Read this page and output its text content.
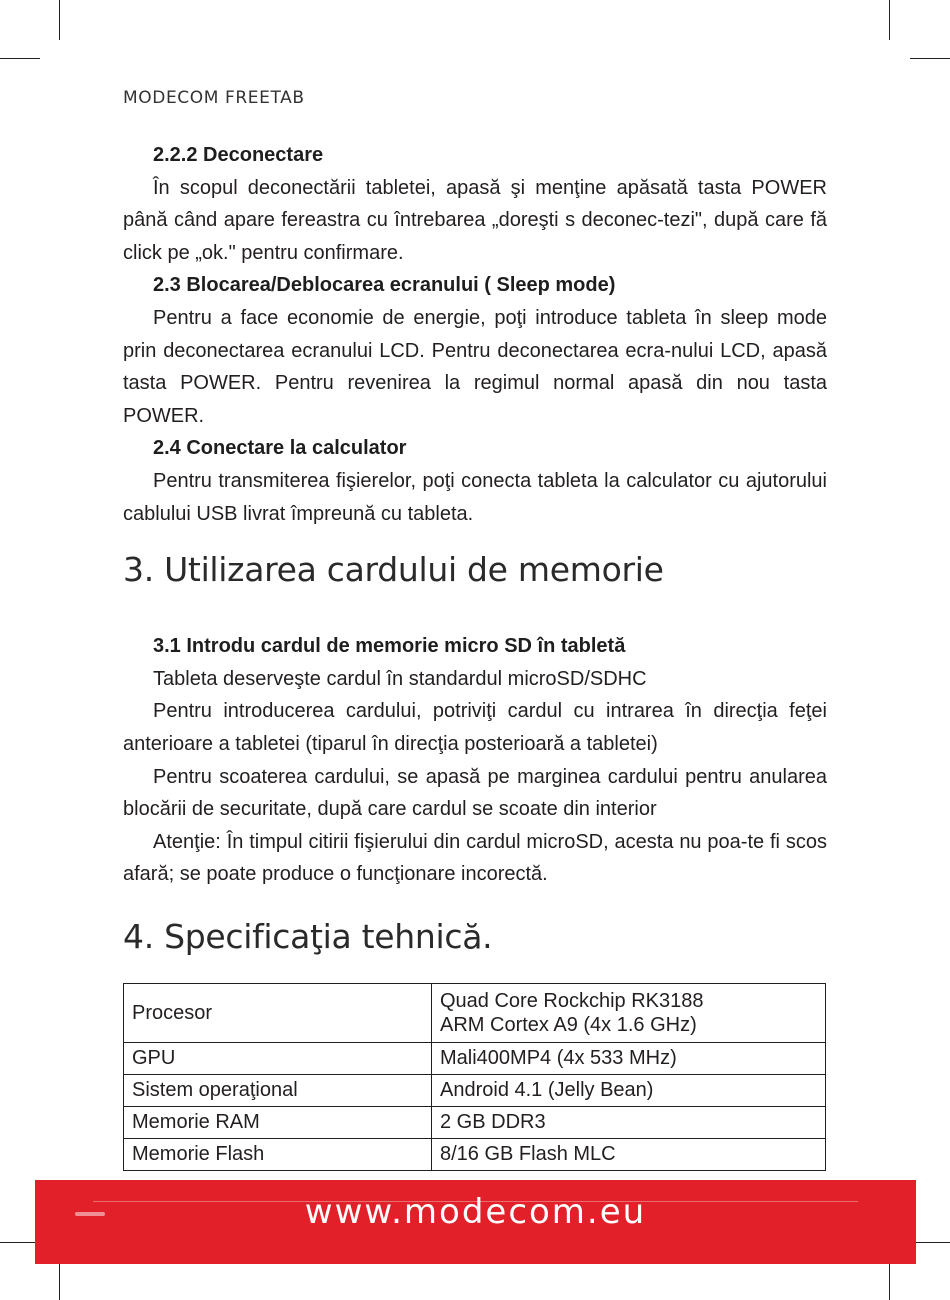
MODECOM FREETAB

2.2.2 Deconectare

În scopul deconectării tabletei, apasă şi menţine apăsată tasta POWER până când apare fereastra cu întrebarea „doreşti s deconec-tezi", după care fă click pe „ok." pentru confirmare.

2.3 Blocarea/Deblocarea ecranului ( Sleep mode)

Pentru a face economie de energie, poţi introduce tableta în sleep mode prin deconectarea ecranului LCD. Pentru deconectarea ecra-nului LCD, apasă tasta POWER. Pentru revenirea la regimul normal apasă din nou tasta POWER.

2.4 Conectare la calculator

Pentru transmiterea fişierelor, poţi conecta tableta la calculator cu ajutorului cablului USB livrat împreună cu tableta.

3. Utilizarea cardului de memorie

3.1 Introdu cardul de memorie micro SD în tabletă

Tableta deserveşte cardul în standardul microSD/SDHC

Pentru introducerea cardului, potriviţi cardul cu intrarea în direcţia feţei anterioare a tabletei (tiparul în direcţia posterioară a tabletei)

Pentru scoaterea cardului, se apasă pe marginea cardului pentru anularea blocării de securitate, după care cardul se scoate din interior

Atenţie: În timpul citirii fişierului din cardul microSD, acesta nu poa-te fi scos afară; se poate produce o funcţionare incorectă.

4. Specificaţia tehnică.
Procesor	Quad Core Rockchip RK3188
ARM Cortex A9 (4x 1.6 GHz)

GPU	Mali400MP4 (4x 533 MHz)
Sistem operaţional	Android 4.1 (Jelly Bean)
Memorie RAM	2 GB DDR3
Memorie Flash	8/16 GB Flash MLC
www.modecom.eu
